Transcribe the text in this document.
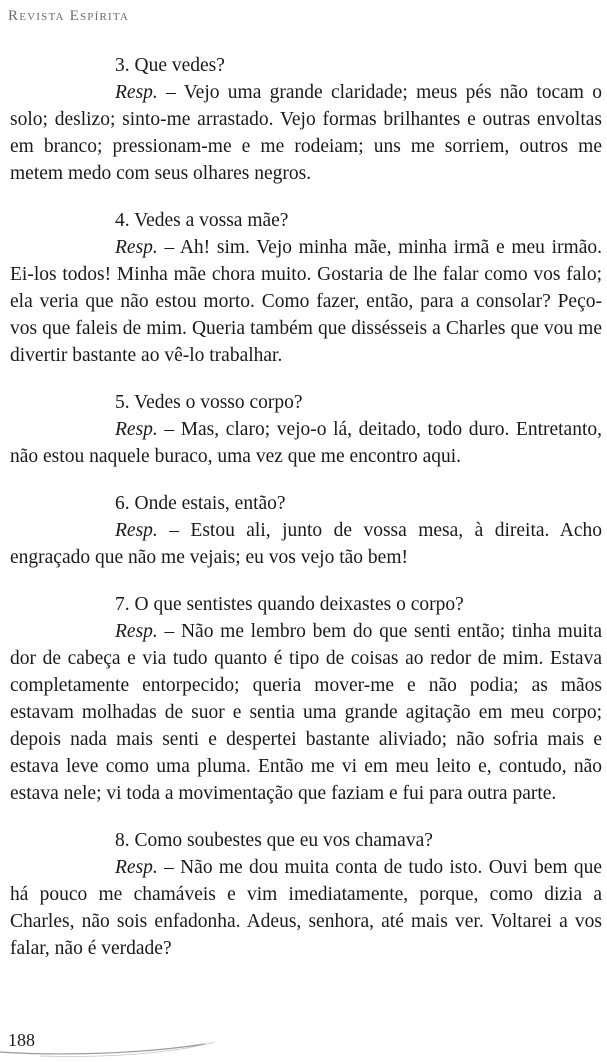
Revista Espírita

3. Que vedes?

Resp. – Vejo uma grande claridade; meus pés não tocam o solo; deslizo; sinto-me arrastado. Vejo formas brilhantes e outras envoltas em branco; pressionam-me e me rodeiam; uns me sorriem, outros me metem medo com seus olhares negros.

4. Vedes a vossa mãe?

Resp. – Ah! sim. Vejo minha mãe, minha irmã e meu irmão. Ei-los todos! Minha mãe chora muito. Gostaria de lhe falar como vos falo; ela veria que não estou morto. Como fazer, então, para a consolar? Peço-vos que faleis de mim. Queria também que dissésseis a Charles que vou me divertir bastante ao vê-lo trabalhar.

5. Vedes o vosso corpo?

Resp. – Mas, claro; vejo-o lá, deitado, todo duro. Entretanto, não estou naquele buraco, uma vez que me encontro aqui.

6. Onde estais, então?

Resp. – Estou ali, junto de vossa mesa, à direita. Acho engraçado que não me vejais; eu vos vejo tão bem!

7. O que sentistes quando deixastes o corpo?

Resp. – Não me lembro bem do que senti então; tinha muita dor de cabeça e via tudo quanto é tipo de coisas ao redor de mim. Estava completamente entorpecido; queria mover-me e não podia; as mãos estavam molhadas de suor e sentia uma grande agitação em meu corpo; depois nada mais senti e despertei bastante aliviado; não sofria mais e estava leve como uma pluma. Então me vi em meu leito e, contudo, não estava nele; vi toda a movimentação que faziam e fui para outra parte.

8. Como soubestes que eu vos chamava?

Resp. – Não me dou muita conta de tudo isto. Ouvi bem que há pouco me chamáveis e vim imediatamente, porque, como dizia a Charles, não sois enfadonha. Adeus, senhora, até mais ver. Voltarei a vos falar, não é verdade?

188
